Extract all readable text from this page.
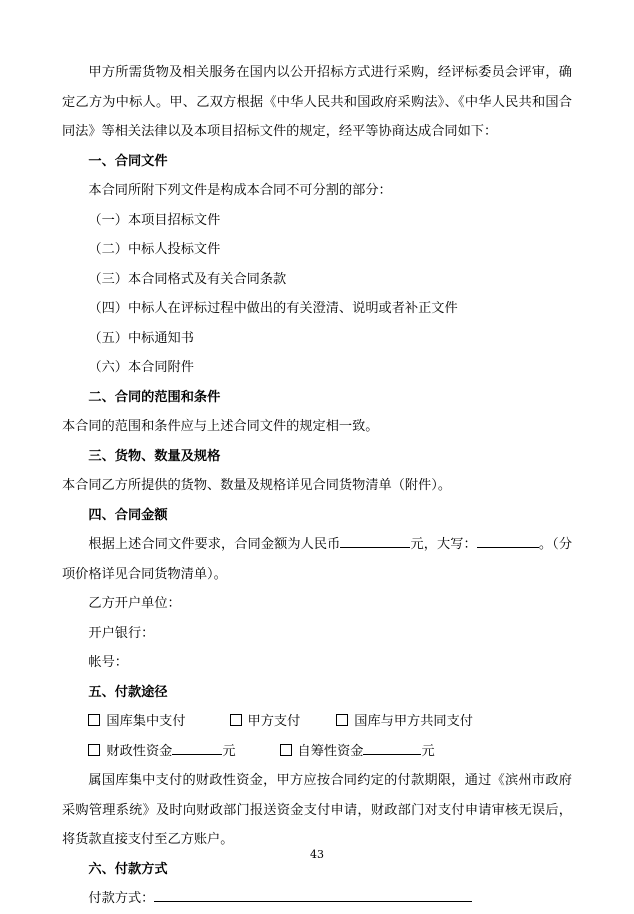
甲方所需货物及相关服务在国内以公开招标方式进行采购，经评标委员会评审，确定乙方为中标人。甲、乙双方根据《中华人民共和国政府采购法》、《中华人民共和国合同法》等相关法律以及本项目招标文件的规定，经平等协商达成合同如下：

一、合同文件

本合同所附下列文件是构成本合同不可分割的部分：

（一）本项目招标文件

（二）中标人投标文件

（三）本合同格式及有关合同条款

（四）中标人在评标过程中做出的有关澄清、说明或者补正文件

（五）中标通知书

（六）本合同附件

二、合同的范围和条件

本合同的范围和条件应与上述合同文件的规定相一致。

三、货物、数量及规格

本合同乙方所提供的货物、数量及规格详见合同货物清单（附件）。

四、合同金额

根据上述合同文件要求，合同金额为人民币	元，大写：	。（分项价格详见合同货物清单）。

乙方开户单位：

开户银行：

帐号：

五、付款途径

国库集中支付	甲方支付	国库与甲方共同支付

财政性资金	元	自筹性资金	元

属国库集中支付的财政性资金，甲方应按合同约定的付款期限，通过《滨州市政府采购管理系统》及时向财政部门报送资金支付申请，财政部门对支付申请审核无误后，将货款直接支付至乙方账户。

六、付款方式

付款方式：

43
